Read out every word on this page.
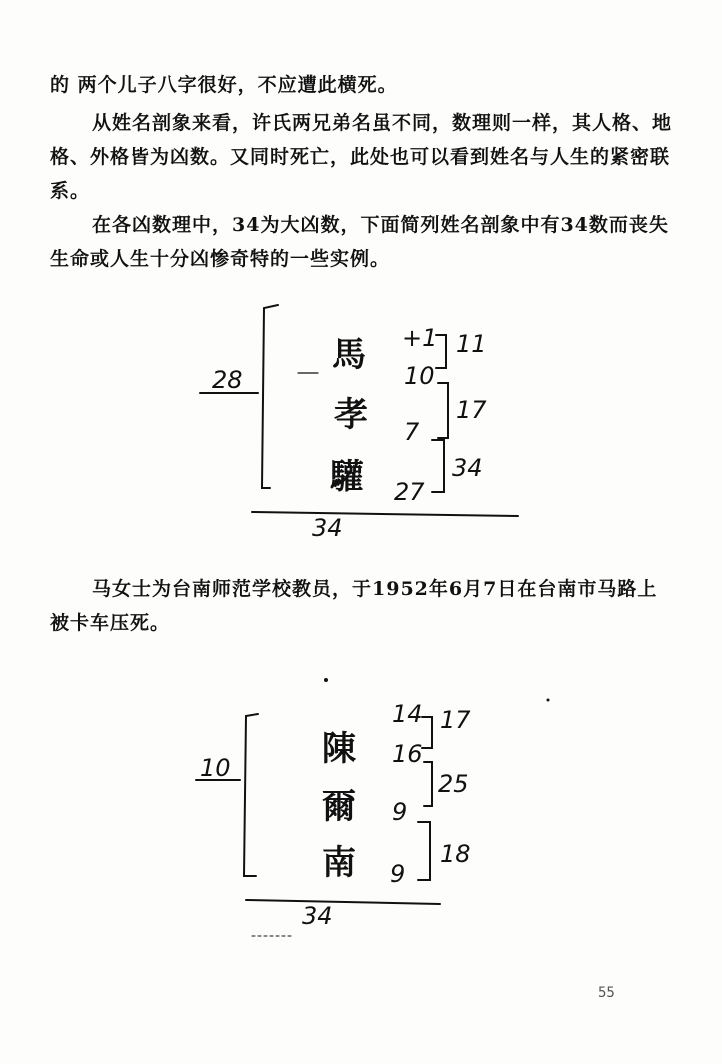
的 两个儿子八字很好，不应遭此横死。

从姓名剖象来看，许氏两兄弟名虽不同，数理则一样，其人格、地格、外格皆为凶数。又同时死亡，此处也可以看到姓名与人生的紧密联系。

在各凶数理中，34为大凶数，下面简列姓名剖象中有34数而丧失生命或人生十分凶惨奇特的一些实例。

28
馬
孝
驩
+1
10
7
27
11
17
34
34

马女士为台南师范学校教员，于1952年6月7日在台南市马路上被卡车压死。

10	陳
爾
南
14
16
9
9
17
25
18
34
55
